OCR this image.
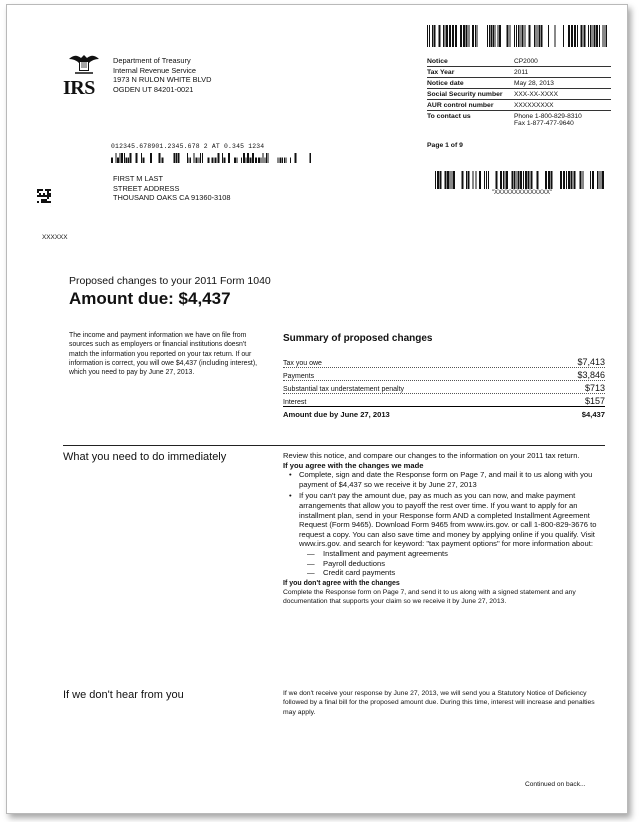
IRS
Department of Treasury
Internal Revenue Service
1973 N RULON WHITE BLVD
OGDEN UT 84201-0021
Notice	CP2000
Tax Year	2011
Notice date	May 28, 2013
Social Security number	XXX-XX-XXXX
AUR control number	XXXXXXXXX
To contact us	Phone 1-800-829-8310
Fax 1-877-477-9640
Page 1 of 9
"XXXXXXXXXXXXXX"
012345.678901.2345.678 2 AT 0.345 1234
FIRST M LAST
STREET ADDRESS
THOUSAND OAKS CA 91360-3108
XXXXXX
Proposed changes to your 2011 Form 1040
Amount due: $4,437
The income and payment information we have on file from sources such as employers or financial institutions doesn't match the information you reported on your tax return. If our information is correct, you will owe $4,437 (including interest), which you need to pay by June 27, 2013.
Summary of proposed changes
Tax you owe	$7,413
Payments	$3,846
Substantial tax understatement penalty	$713
Interest	$157
Amount due by June 27, 2013	$4,437
What you need to do immediately	Review this notice, and compare our changes to the information on your 2011 tax return.
If you agree with the changes we made
• Complete, sign and date the Response form on Page 7, and mail it to us along with you payment of $4,437 so we receive it by June 27, 2013
• If you can't pay the amount due, pay as much as you can now, and make payment arrangements that allow you to payoff the rest over time. If you want to apply for an installment plan, send in your Response form AND a completed Installment Agreement Request (Form 9465). Download Form 9465 from www.irs.gov. or call 1-800-829-3676 to request a copy. You can also save time and money by applying online if you qualify. Visit www.irs.gov. and search for keyword: "tax payment options" for more information about:
— Installment and payment agreements
— Payroll deductions
— Credit card payments
If you don't agree with the changes
Complete the Response form on Page 7, and send it to us along with a signed statement and any documentation that supports your claim so we receive it by June 27, 2013.
If we don't hear from you	If we don't receive your response by June 27, 2013, we will send you a Statutory Notice of Deficiency followed by a final bill for the proposed amount due. During this time, interest will increase and penalties may apply.
Continued on back...
